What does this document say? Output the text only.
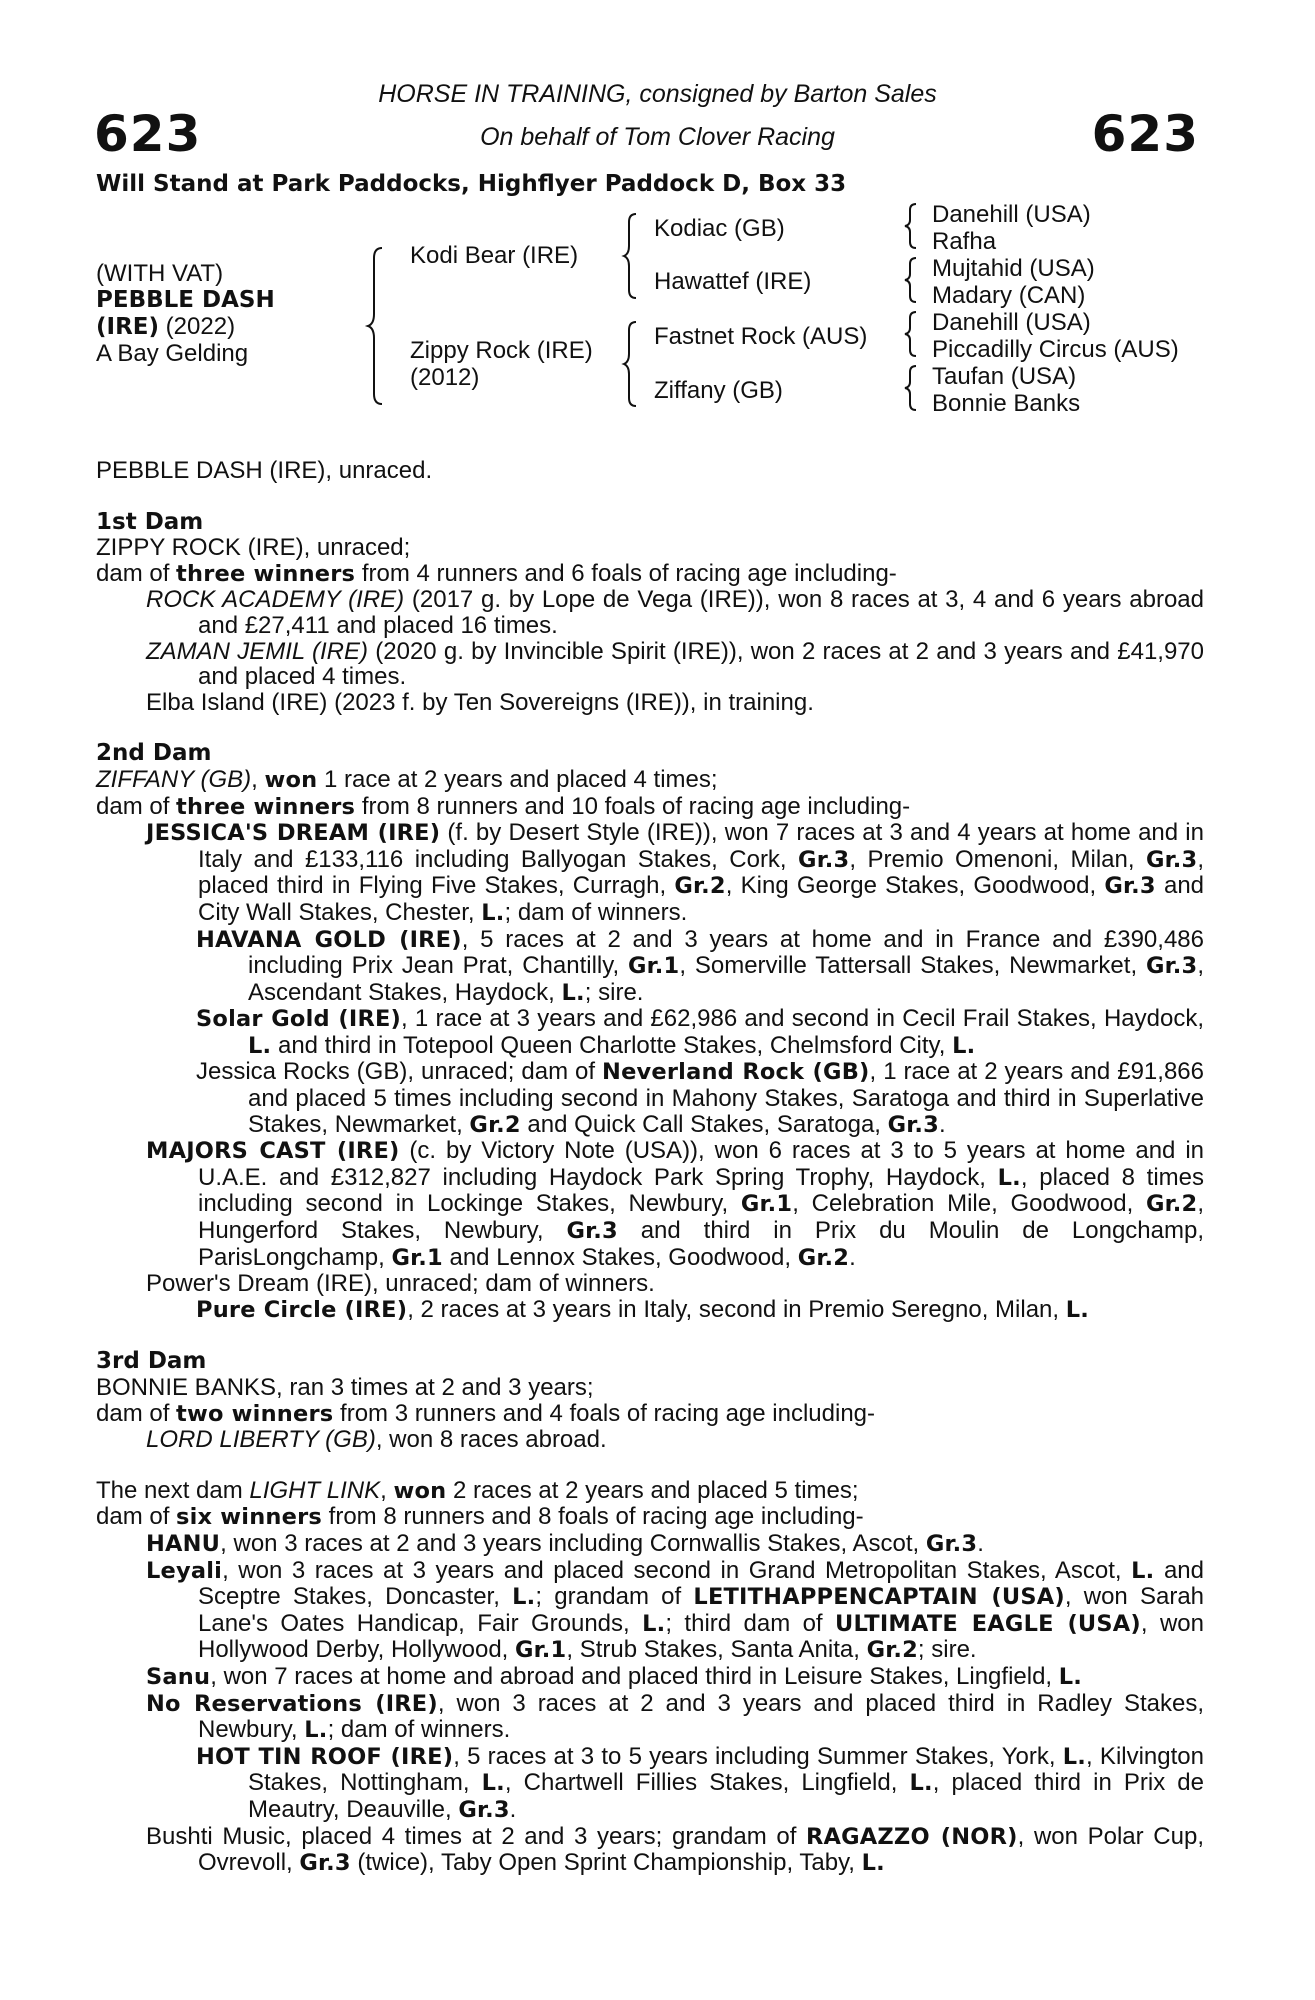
623	623
HORSE IN TRAINING, consigned by Barton Sales
On behalf of Tom Clover Racing
Will Stand at Park Paddocks, Highflyer Paddock D, Box 33
(WITH VAT)
PEBBLE DASH
(IRE) (2022)
A Bay Gelding
Kodi Bear (IRE)
Zippy Rock (IRE)
(2012)
Kodiac (GB)
Hawattef (IRE)
Fastnet Rock (AUS)
Ziffany (GB)
Danehill (USA)
Rafha
Mujtahid (USA)
Madary (CAN)
Danehill (USA)
Piccadilly Circus (AUS)
Taufan (USA)
Bonnie Banks

PEBBLE DASH (IRE), unraced.

1st Dam

ZIPPY ROCK (IRE), unraced;

dam of three winners from 4 runners and 6 foals of racing age including-

ROCK ACADEMY (IRE) (2017 g. by Lope de Vega (IRE)), won 8 races at 3, 4 and 6 years abroad and £27,411 and placed 16 times.

ZAMAN JEMIL (IRE) (2020 g. by Invincible Spirit (IRE)), won 2 races at 2 and 3 years and £41,970 and placed 4 times.

Elba Island (IRE) (2023 f. by Ten Sovereigns (IRE)), in training.

2nd Dam

ZIFFANY (GB), won 1 race at 2 years and placed 4 times;

dam of three winners from 8 runners and 10 foals of racing age including-

JESSICA'S DREAM (IRE) (f. by Desert Style (IRE)), won 7 races at 3 and 4 years at home and in Italy and £133,116 including Ballyogan Stakes, Cork, Gr.3, Premio Omenoni, Milan, Gr.3, placed third in Flying Five Stakes, Curragh, Gr.2, King George Stakes, Goodwood, Gr.3 and City Wall Stakes, Chester, L.; dam of winners.

HAVANA GOLD (IRE), 5 races at 2 and 3 years at home and in France and £390,486 including Prix Jean Prat, Chantilly, Gr.1, Somerville Tattersall Stakes, Newmarket, Gr.3, Ascendant Stakes, Haydock, L.; sire.

Solar Gold (IRE), 1 race at 3 years and £62,986 and second in Cecil Frail Stakes, Haydock, L. and third in Totepool Queen Charlotte Stakes, Chelmsford City, L.

Jessica Rocks (GB), unraced; dam of Neverland Rock (GB), 1 race at 2 years and £91,866 and placed 5 times including second in Mahony Stakes, Saratoga and third in Superlative Stakes, Newmarket, Gr.2 and Quick Call Stakes, Saratoga, Gr.3.

MAJORS CAST (IRE) (c. by Victory Note (USA)), won 6 races at 3 to 5 years at home and in U.A.E. and £312,827 including Haydock Park Spring Trophy, Haydock, L., placed 8 times including second in Lockinge Stakes, Newbury, Gr.1, Celebration Mile, Goodwood, Gr.2, Hungerford Stakes, Newbury, Gr.3 and third in Prix du Moulin de Longchamp, ParisLongchamp, Gr.1 and Lennox Stakes, Goodwood, Gr.2.

Power's Dream (IRE), unraced; dam of winners.

Pure Circle (IRE), 2 races at 3 years in Italy, second in Premio Seregno, Milan, L.

3rd Dam

BONNIE BANKS, ran 3 times at 2 and 3 years;

dam of two winners from 3 runners and 4 foals of racing age including-

LORD LIBERTY (GB), won 8 races abroad.

The next dam LIGHT LINK, won 2 races at 2 years and placed 5 times;

dam of six winners from 8 runners and 8 foals of racing age including-

HANU, won 3 races at 2 and 3 years including Cornwallis Stakes, Ascot, Gr.3.

Leyali, won 3 races at 3 years and placed second in Grand Metropolitan Stakes, Ascot, L. and Sceptre Stakes, Doncaster, L.; grandam of LETITHAPPENCAPTAIN (USA), won Sarah Lane's Oates Handicap, Fair Grounds, L.; third dam of ULTIMATE EAGLE (USA), won Hollywood Derby, Hollywood, Gr.1, Strub Stakes, Santa Anita, Gr.2; sire.

Sanu, won 7 races at home and abroad and placed third in Leisure Stakes, Lingfield, L.

No Reservations (IRE), won 3 races at 2 and 3 years and placed third in Radley Stakes, Newbury, L.; dam of winners.

HOT TIN ROOF (IRE), 5 races at 3 to 5 years including Summer Stakes, York, L., Kilvington Stakes, Nottingham, L., Chartwell Fillies Stakes, Lingfield, L., placed third in Prix de Meautry, Deauville, Gr.3.

Bushti Music, placed 4 times at 2 and 3 years; grandam of RAGAZZO (NOR), won Polar Cup, Ovrevoll, Gr.3 (twice), Taby Open Sprint Championship, Taby, L.
